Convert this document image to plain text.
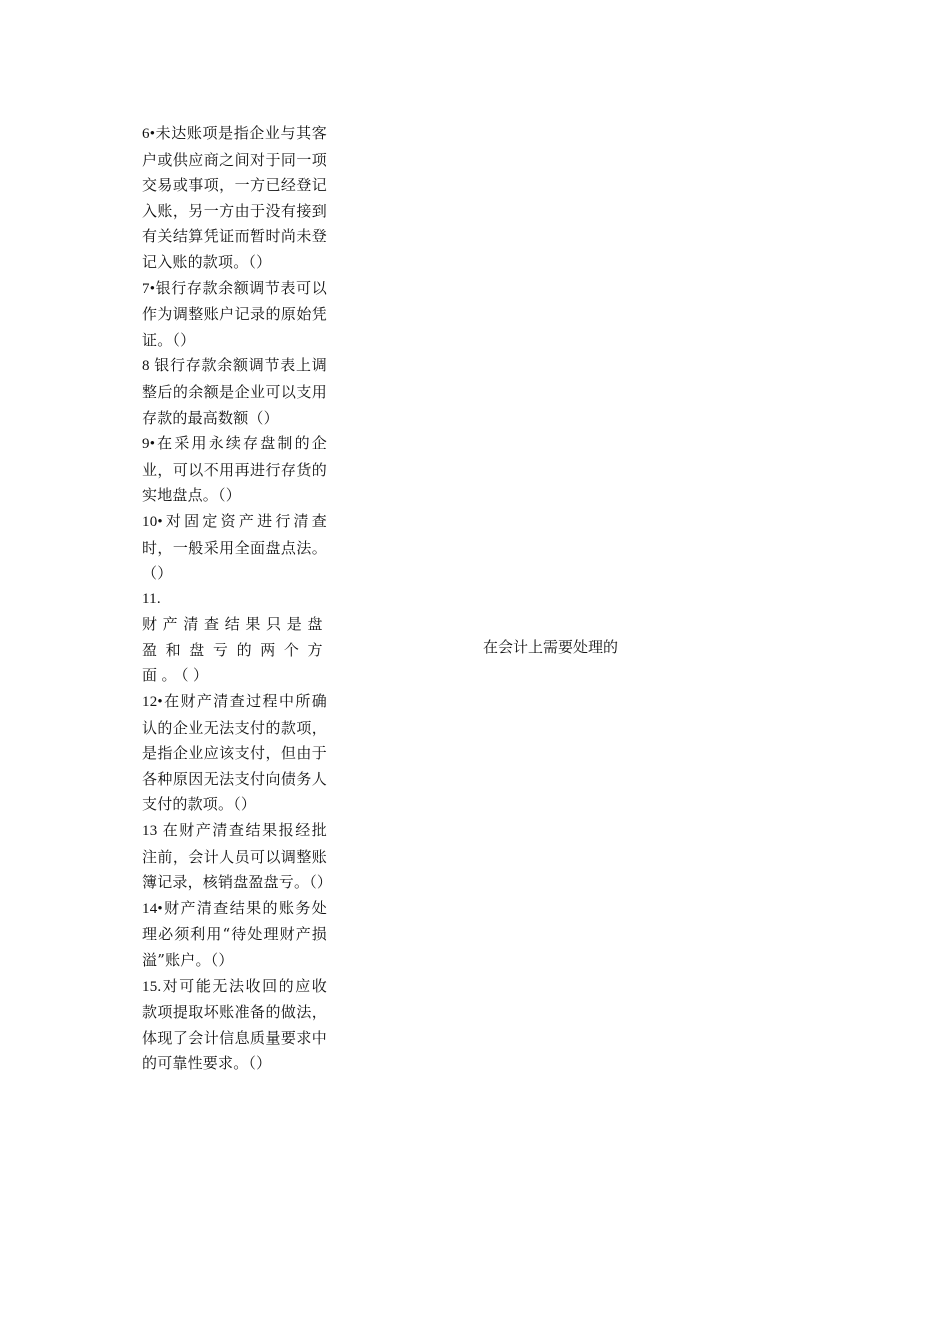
6•未达账项是指企业与其客户或供应商之间对于同一项交易或事项，一方已经登记入账，另一方由于没有接到有关结算凭证而暂时尚未登记入账的款项。（）

7•银行存款余额调节表可以作为调整账户记录的原始凭证。（）

8 银行存款余额调节表上调整后的余额是企业可以支用存款的最高数额（）

9•在采用永续存盘制的企业，可以不用再进行存货的实地盘点。（）

10•对固定资产进行清查时，一般采用全面盘点法。（）

11.
财产清查结果只是盘盈和盘亏的两个方面。（）

12•在财产清查过程中所确认的企业无法支付的款项，是指企业应该支付，但由于各种原因无法支付向债务人支付的款项。（）

13 在财产清查结果报经批注前，会计人员可以调整账簿记录，核销盘盈盘亏。（）

14•财产清查结果的账务处理必须利用“待处理财产损溢”账户。（）

15.对可能无法收回的应收款项提取坏账准备的做法，体现了会计信息质量要求中的可靠性要求。（）

在会计上需要处理的
